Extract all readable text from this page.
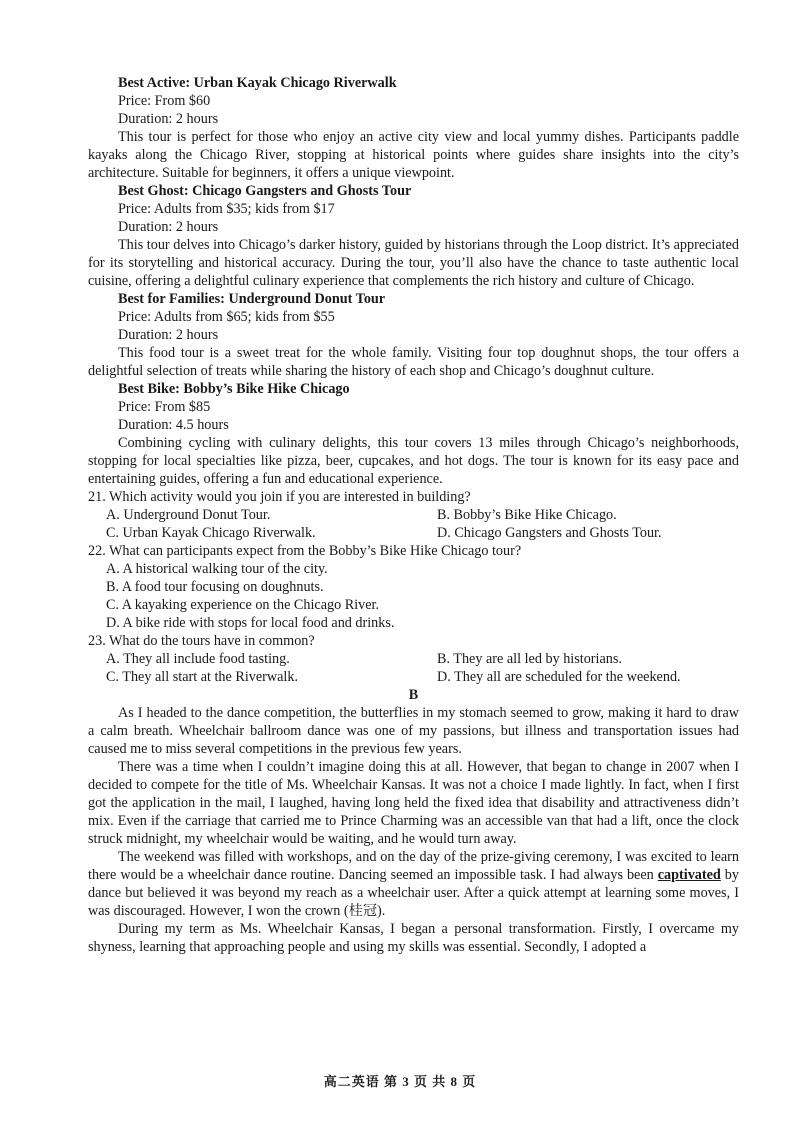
Best Active: Urban Kayak Chicago Riverwalk
Price: From $60
Duration: 2 hours

This tour is perfect for those who enjoy an active city view and local yummy dishes. Participants paddle kayaks along the Chicago River, stopping at historical points where guides share insights into the city’s architecture. Suitable for beginners, it offers a unique viewpoint.

Best Ghost: Chicago Gangsters and Ghosts Tour
Price: Adults from $35; kids from $17
Duration: 2 hours

This tour delves into Chicago’s darker history, guided by historians through the Loop district. It’s appreciated for its storytelling and historical accuracy. During the tour, you’ll also have the chance to taste authentic local cuisine, offering a delightful culinary experience that complements the rich history and culture of Chicago.

Best for Families: Underground Donut Tour
Price: Adults from $65; kids from $55
Duration: 2 hours

This food tour is a sweet treat for the whole family. Visiting four top doughnut shops, the tour offers a delightful selection of treats while sharing the history of each shop and Chicago’s doughnut culture.

Best Bike: Bobby’s Bike Hike Chicago
Price: From $85
Duration: 4.5 hours

Combining cycling with culinary delights, this tour covers 13 miles through Chicago’s neighborhoods, stopping for local specialties like pizza, beer, cupcakes, and hot dogs. The tour is known for its easy pace and entertaining guides, offering a fun and educational experience.

21. Which activity would you join if you are interested in building?
A. Underground Donut Tour.	B. Bobby’s Bike Hike Chicago.
C. Urban Kayak Chicago Riverwalk.	D. Chicago Gangsters and Ghosts Tour.
22. What can participants expect from the Bobby’s Bike Hike Chicago tour?
A. A historical walking tour of the city.
B. A food tour focusing on doughnuts.
C. A kayaking experience on the Chicago River.
D. A bike ride with stops for local food and drinks.
23. What do the tours have in common?
A. They all include food tasting.	B. They are all led by historians.
C. They all start at the Riverwalk.	D. They all are scheduled for the weekend.
B

As I headed to the dance competition, the butterflies in my stomach seemed to grow, making it hard to draw a calm breath. Wheelchair ballroom dance was one of my passions, but illness and transportation issues had caused me to miss several competitions in the previous few years.

There was a time when I couldn’t imagine doing this at all. However, that began to change in 2007 when I decided to compete for the title of Ms. Wheelchair Kansas. It was not a choice I made lightly. In fact, when I first got the application in the mail, I laughed, having long held the fixed idea that disability and attractiveness didn’t mix. Even if the carriage that carried me to Prince Charming was an accessible van that had a lift, once the clock struck midnight, my wheelchair would be waiting, and he would turn away.

The weekend was filled with workshops, and on the day of the prize-giving ceremony, I was excited to learn there would be a wheelchair dance routine. Dancing seemed an impossible task. I had always been captivated by dance but believed it was beyond my reach as a wheelchair user. After a quick attempt at learning some moves, I was discouraged. However, I won the crown (桂冠).

During my term as Ms. Wheelchair Kansas, I began a personal transformation. Firstly, I overcame my shyness, learning that approaching people and using my skills was essential. Secondly, I adopted a

高二英语 第 3 页 共 8 页
